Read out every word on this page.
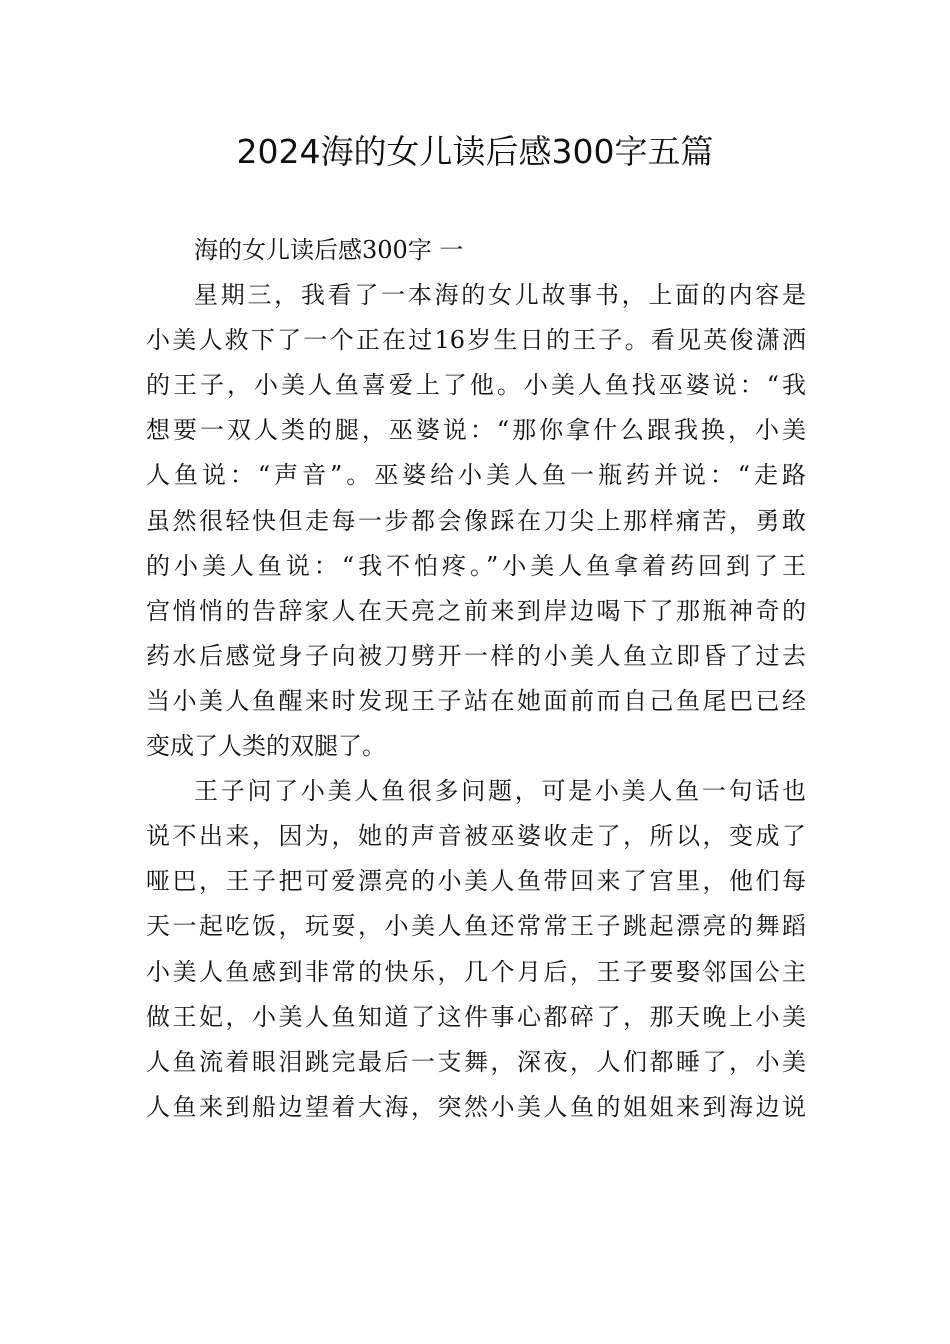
2024海的女儿读后感300字五篇
海的女儿读后感300字 一
星期三，我看了一本海的女儿故事书，上面的内容是
小美人救下了一个正在过16岁生日的王子。看见英俊潇洒
的王子，小美人鱼喜爱上了他。小美人鱼找巫婆说：“我
想要一双人类的腿，巫婆说：“那你拿什么跟我换，小美
人鱼说：“声音”。巫婆给小美人鱼一瓶药并说：“走路
虽然很轻快但走每一步都会像踩在刀尖上那样痛苦，勇敢
的小美人鱼说：“我不怕疼。”小美人鱼拿着药回到了王
宫悄悄的告辞家人在天亮之前来到岸边喝下了那瓶神奇的
药水后感觉身子向被刀劈开一样的小美人鱼立即昏了过去
当小美人鱼醒来时发现王子站在她面前而自己鱼尾巴已经
变成了人类的双腿了。
王子问了小美人鱼很多问题，可是小美人鱼一句话也
说不出来，因为，她的声音被巫婆收走了，所以，变成了
哑巴，王子把可爱漂亮的小美人鱼带回来了宫里，他们每
天一起吃饭，玩耍，小美人鱼还常常王子跳起漂亮的舞蹈
小美人鱼感到非常的快乐，几个月后，王子要娶邻国公主
做王妃，小美人鱼知道了这件事心都碎了，那天晚上小美
人鱼流着眼泪跳完最后一支舞，深夜，人们都睡了，小美
人鱼来到船边望着大海，突然小美人鱼的姐姐来到海边说
